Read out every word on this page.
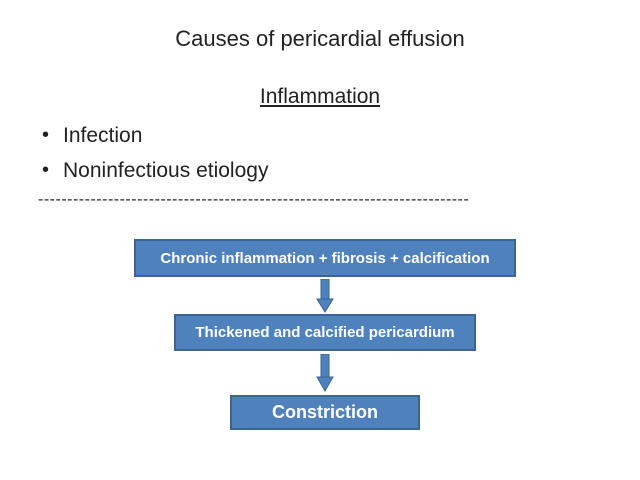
Causes of pericardial effusion
Inflammation
• Infection
• Noninfectious etiology
--------------------------------------------------------------------------
Chronic inflammation + fibrosis + calcification
Thickened and calcified pericardium
Constriction
